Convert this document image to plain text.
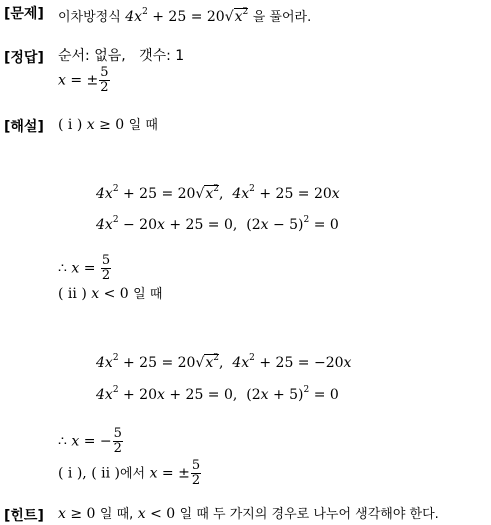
[문제] 이차방정식 $4x^2 + 25 = 20√x^2$ 을 풀어라.
[정답] 순서: 없음, 갯수: 1
x = ± $\frac{5}{2}$
[해설] ( i ) x ≥ 0 일 때
$4x^2 + 25 = 20√x^2$,  $4x^2 + 25 = 20x$
$4x^2 - 20x + 25 = 0$,  $(2x - 5)^2 = 0$
∴ $x = \frac{5}{2}$
( ii ) x < 0 일 때
$4x^2 + 25 = 20√x^2$,  $4x^2 + 25 = -20x$
$4x^2 + 20x + 25 = 0$,  $(2x + 5)^2 = 0$
∴ x = − $\frac{5}{2}$
( i ), ( ii )에서 x = ± $\frac{5}{2}$
[힌트] x ≥ 0 일 때, x < 0 일 때 두 가지의 경우로 나누어 생각해야 한다.
